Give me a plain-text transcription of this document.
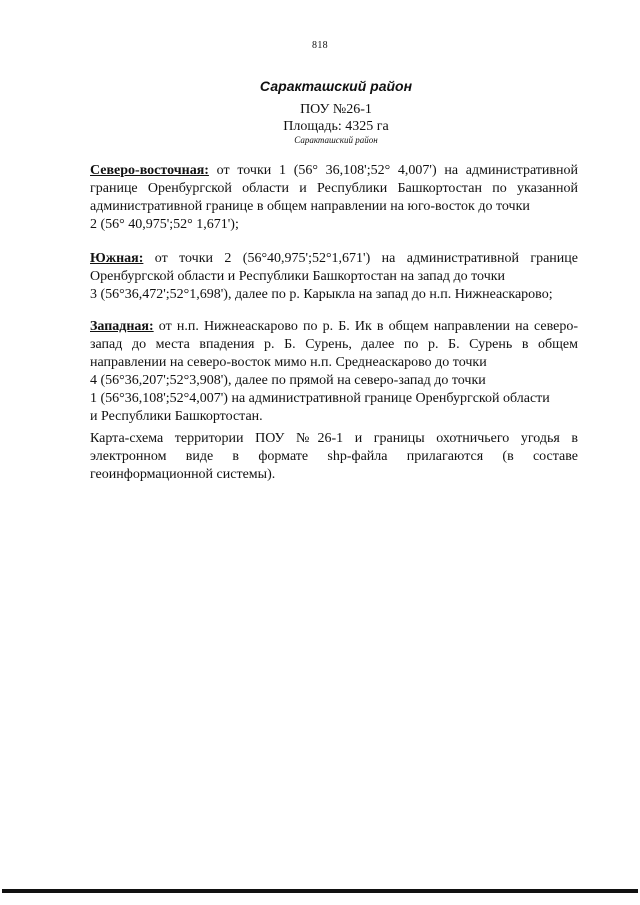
818
Саракташский район
ПОУ №26-1
Площадь: 4325 га
Саракташский район
Северо-восточная: от точки 1 (56° 36,108';52° 4,007') на административной
границе Оренбургской области и Республики Башкортостан по указанной
административной границе в общем направлении на юго-восток до точки
2 (56° 40,975';52° 1,671');
Южная: от точки 2 (56°40,975';52°1,671') на административной границе
Оренбургской области и Республики Башкортостан на запад до точки
3 (56°36,472';52°1,698'), далее по р. Карыкла на запад до н.п. Нижнеаскарово;
Западная: от н.п. Нижнеаскарово по р. Б. Ик в общем направлении на северо-
запад до места впадения р. Б. Сурень, далее по р. Б. Сурень в общем
направлении на северо-восток мимо н.п. Среднеаскарово до точки
4 (56°36,207';52°3,908'), далее по прямой на северо-запад до точки
1 (56°36,108';52°4,007') на административной границе Оренбургской области
и Республики Башкортостан.
Карта-схема территории ПОУ №26-1 и границы охотничьего угодья в
электронном виде в формате shp-файла прилагаются (в составе
геоинформационной системы).
